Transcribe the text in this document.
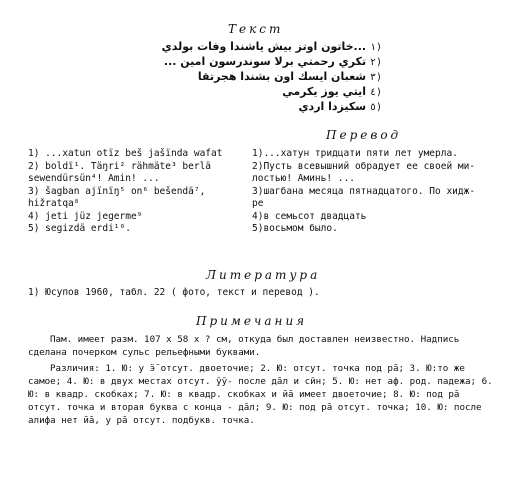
Текст
(١ ...خاتون اوتز بيش ياشندا وفات بولدي
(٢ تكري رحمتي برلا سوندرسون امين ...
(٣ شعبان ايسك اون بشندا هجرتقا
(٤ ايتي يوز يكرمي
(٥ سكيزدا اردي
Перевод
1) ...xatun otïz beš jašïnda wafat
2) boldï¹. Täŋri² rähmäte³ berlä
sewendürsün⁴! Amin! ...
3) šagban ajïnïŋ⁵ on⁶ bešendä⁷,
hižratqa⁸
4) jeti jüz jegerme⁹
5) segizdä erdi¹⁰.
1)...хатун тридцати пяти лет умерла.
2)Пусть всевышний обрадует ее своей ми-
лостью! Аминь! ...
3)шагбана месяца пятнадцатого. По хидж-
ре
4)в семьсот двадцать
5)восьмом было.
Литература
1) Юсупов 1960, табл. 22 ( фото, текст и перевод ).
Примечания
Пам. имеет разм. 107 x 58 x ? см, откуда был доставлен неизвестно. Надпись сделана почерком сульс рельефными буквами.
Различия: 1. Ю: у ӭ̈ отсут. двоеточие; 2. Ю: отсут. точка под рā; 3. Ю:то же самое; 4. Ю: в двух местах отсут. ӯӯ- после дāл и сӣн; 5. Ю: нет аф. род. падежа; 6. Ю: в квадр. скобках; 7. Ю: в квадр. скобках и йā имеет двоеточие; 8. Ю: под рā отсут. точка и вторая буква с конца - дāл; 9. Ю: под рā отсут. точка; 10. Ю: после алифа нет йā, у рā отсут. подбукв. точка.
